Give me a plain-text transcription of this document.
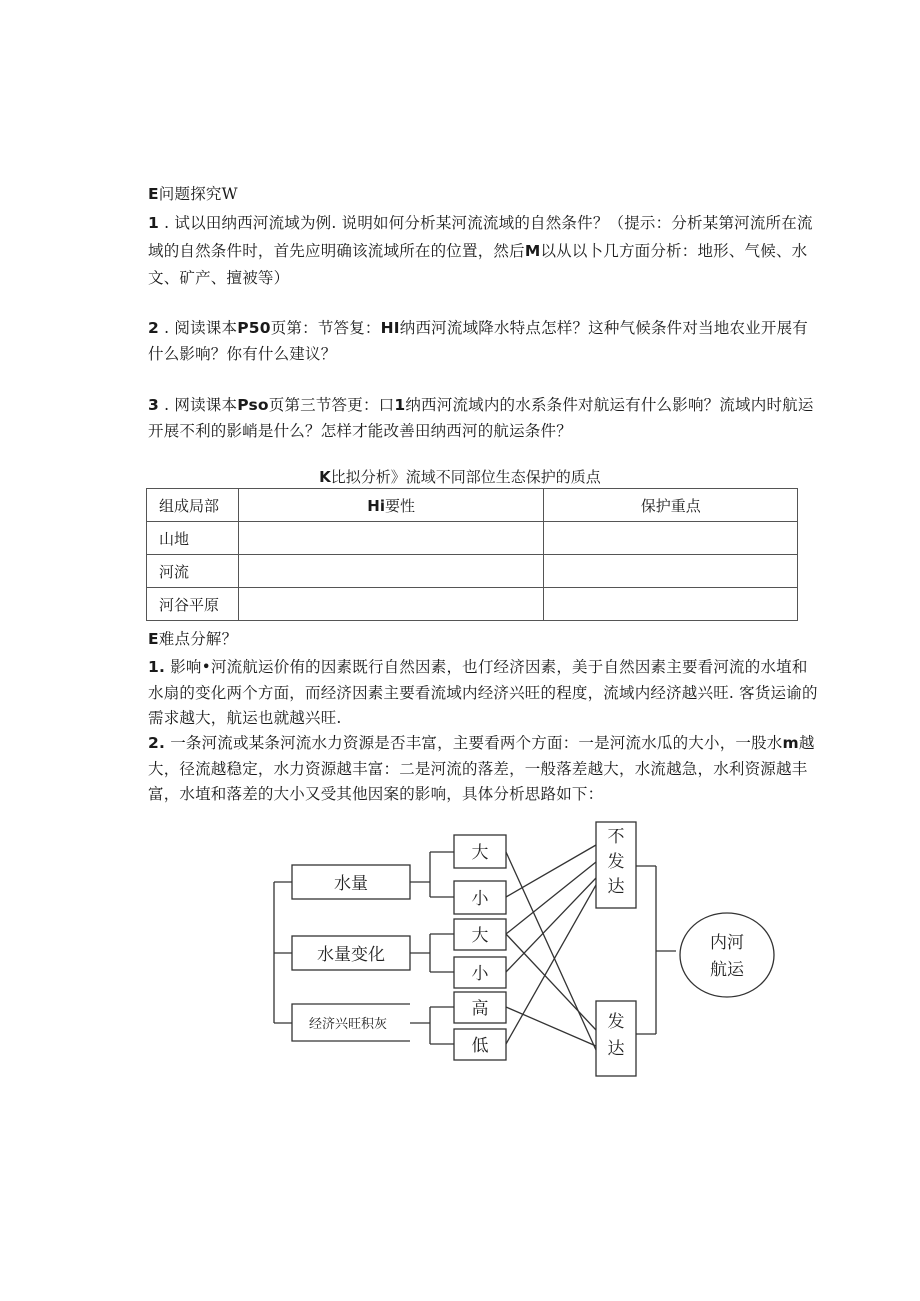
E问题探究W
1 . 试以田纳西河流域为例. 说明如何分析某河流流域的自然条件？（提示：分析某第河流所在流
域的自然条件时，首先应明确该流域所在的位置，然后M以从以卜几方面分析：地形、气候、水
文、矿产、擅被等）
2 . 阅读课本P50页第：节答复：HI纳西河流域降水特点怎样？这种气候条件对当地农业开展有
什么影响？你有什么建议？
3 . 网读课本Pso页第三节答更：口1纳西河流域内的水系条件对航运有什么影响？流域内时航运
开展不利的影峭是什么？怎样才能改善田纳西河的航运条件？
K比拟分析》流域不同部位生态保护的质点
组成局部	Hi要性	保护重点
山地		
河流		
河谷平原		
E难点分解？
1. 影响•河流航运价侑的因素既行自然因素，也仃经济因素，美于自然因素主要看河流的水埴和
水扇的变化两个方面，而经济因素主要看流域内经济兴旺的程度，流域内经济越兴旺. 客货运谕的
需求越大，航运也就越兴旺.
2. 一条河流或某条河流水力资源是否丰富，主要看两个方面：一是河流水瓜的大小，一股水m越
大，径流越稳定，水力资源越丰富：二是河流的落差，一般落差越大，水流越急，水利资源越丰
富，水埴和落差的大小又受其他因案的影响，具体分析思路如下：
水量
水量变化
经济兴旺积灰
大
小
大
小
高
低
不
发
达
发
达
内河
航运
